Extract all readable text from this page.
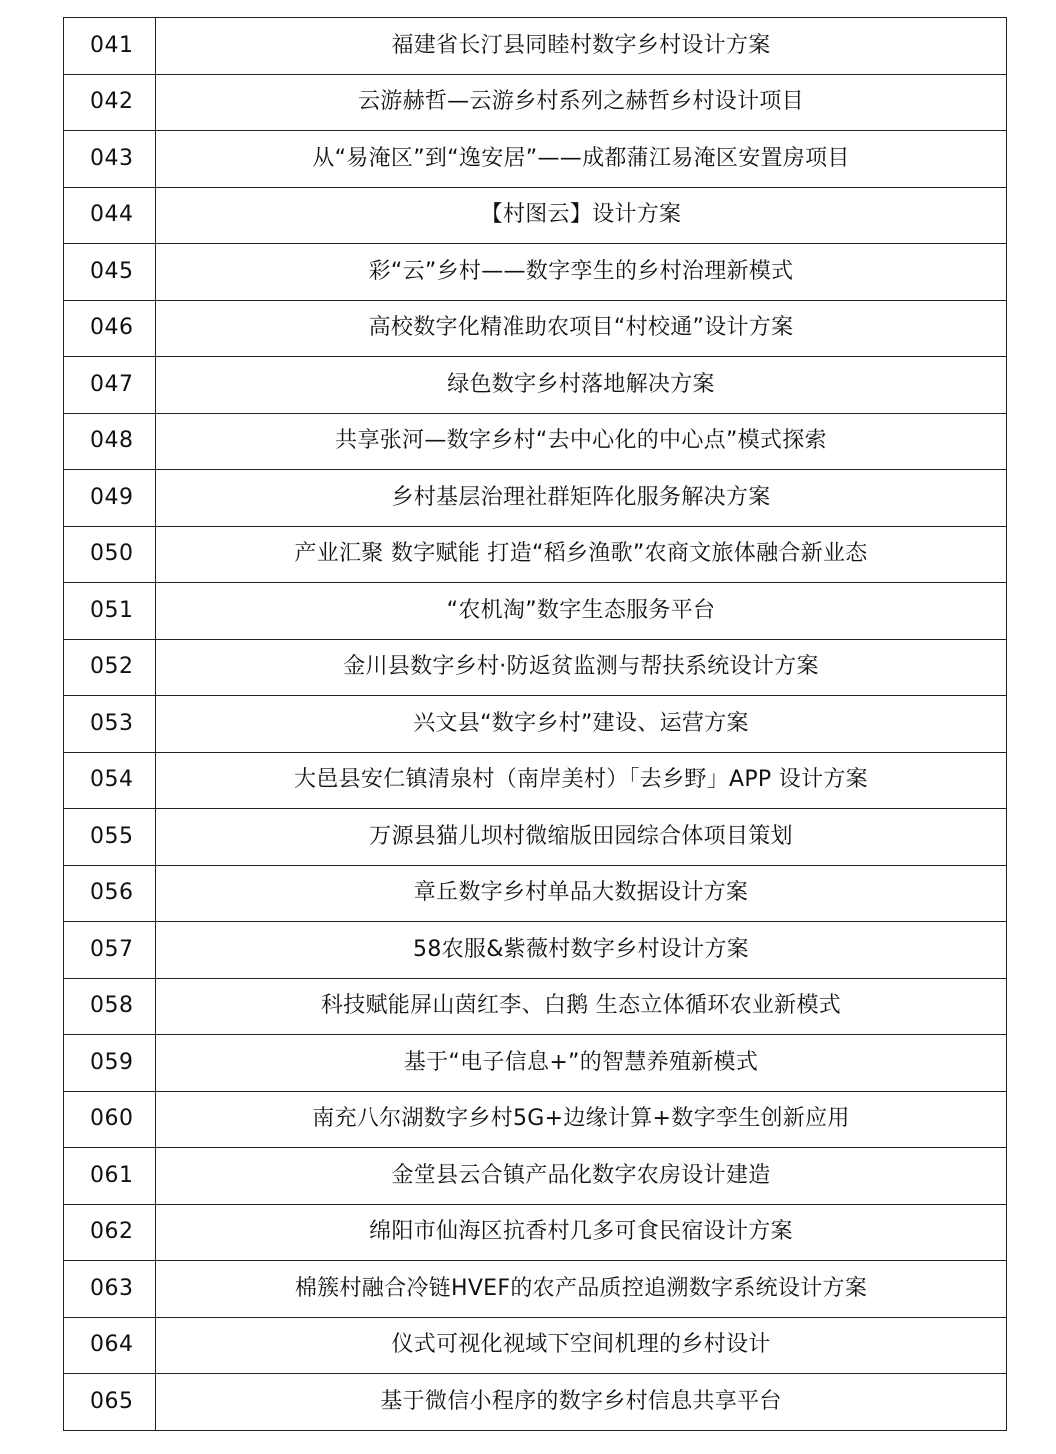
041	福建省长汀县同睦村数字乡村设计方案
042	云游赫哲—云游乡村系列之赫哲乡村设计项目
043	从“易淹区”到“逸安居”——成都蒲江易淹区安置房项目
044	【村图云】设计方案
045	彩“云”乡村——数字孪生的乡村治理新模式
046	高校数字化精准助农项目“村校通”设计方案
047	绿色数字乡村落地解决方案
048	共享张河—数字乡村“去中心化的中心点”模式探索
049	乡村基层治理社群矩阵化服务解决方案
050	产业汇聚 数字赋能 打造“稻乡渔歌”农商文旅体融合新业态
051	“农机淘”数字生态服务平台
052	金川县数字乡村·防返贫监测与帮扶系统设计方案
053	兴文县“数字乡村”建设、运营方案
054	大邑县安仁镇清泉村（南岸美村）「去乡野」APP 设计方案
055	万源县猫儿坝村微缩版田园综合体项目策划
056	章丘数字乡村单品大数据设计方案
057	58农服&紫薇村数字乡村设计方案
058	科技赋能屏山茵红李、白鹅 生态立体循环农业新模式
059	基于“电子信息+”的智慧养殖新模式
060	南充八尔湖数字乡村5G+边缘计算+数字孪生创新应用
061	金堂县云合镇产品化数字农房设计建造
062	绵阳市仙海区抗香村几多可食民宿设计方案
063	棉簇村融合冷链HVEF的农产品质控追溯数字系统设计方案
064	仪式可视化视域下空间机理的乡村设计
065	基于微信小程序的数字乡村信息共享平台
